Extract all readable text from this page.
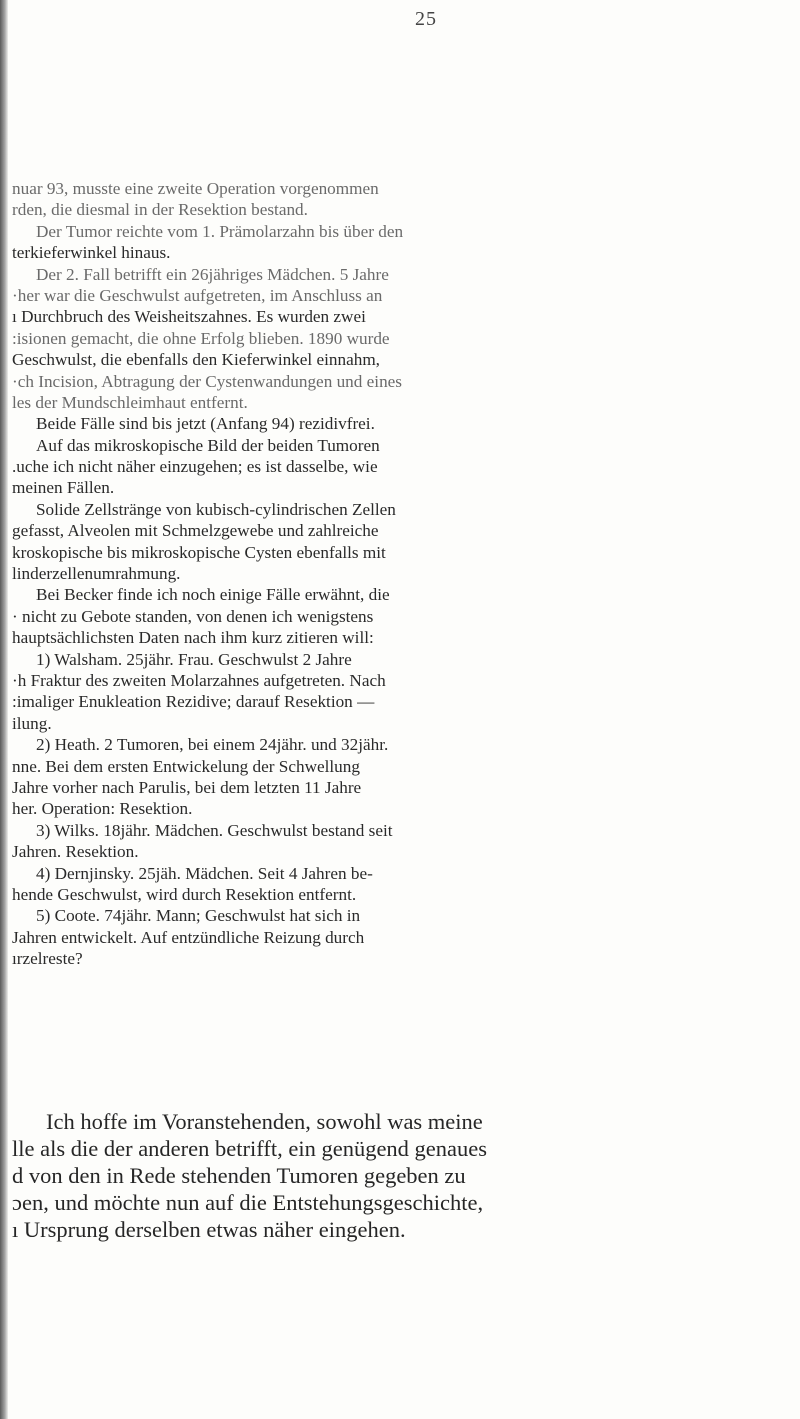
25
nuar 93, musste eine zweite Operation vorgenommen
rden, die diesmal in der Resektion bestand.
Der Tumor reichte vom 1. Prämolarzahn bis über den
terkieferwinkel hinaus.
Der 2. Fall betrifft ein 26jähriges Mädchen. 5 Jahre
·her war die Geschwulst aufgetreten, im Anschluss an
ı Durchbruch des Weisheitszahnes. Es wurden zwei
:isionen gemacht, die ohne Erfolg blieben. 1890 wurde
Geschwulst, die ebenfalls den Kieferwinkel einnahm,
·ch Incision, Abtragung der Cystenwandungen und eines
les der Mundschleimhaut entfernt.
Beide Fälle sind bis jetzt (Anfang 94) rezidivfrei.
Auf das mikroskopische Bild der beiden Tumoren
.uche ich nicht näher einzugehen; es ist dasselbe, wie
meinen Fällen.
Solide Zellstränge von kubisch-cylindrischen Zellen
gefasst, Alveolen mit Schmelzgewebe und zahlreiche
kroskopische bis mikroskopische Cysten ebenfalls mit
linderzellenumrahmung.
Bei Becker finde ich noch einige Fälle erwähnt, die
· nicht zu Gebote standen, von denen ich wenigstens
hauptsächlichsten Daten nach ihm kurz zitieren will:
1) Walsham. 25jähr. Frau. Geschwulst 2 Jahre
·h Fraktur des zweiten Molarzahnes aufgetreten. Nach
:imaliger Enukleation Rezidive; darauf Resektion —
ilung.
2) Heath. 2 Tumoren, bei einem 24jähr. und 32jähr.
nne. Bei dem ersten Entwickelung der Schwellung
Jahre vorher nach Parulis, bei dem letzten 11 Jahre
her. Operation: Resektion.
3) Wilks. 18jähr. Mädchen. Geschwulst bestand seit
Jahren. Resektion.
4) Dernjinsky. 25jäh. Mädchen. Seit 4 Jahren be-
hende Geschwulst, wird durch Resektion entfernt.
5) Coote. 74jähr. Mann; Geschwulst hat sich in
Jahren entwickelt. Auf entzündliche Reizung durch
ırzelreste?
Ich hoffe im Voranstehenden, sowohl was meine
lle als die der anderen betrifft, ein genügend genaues
d von den in Rede stehenden Tumoren gegeben zu
ɔen, und möchte nun auf die Entstehungsgeschichte,
ı Ursprung derselben etwas näher eingehen.
